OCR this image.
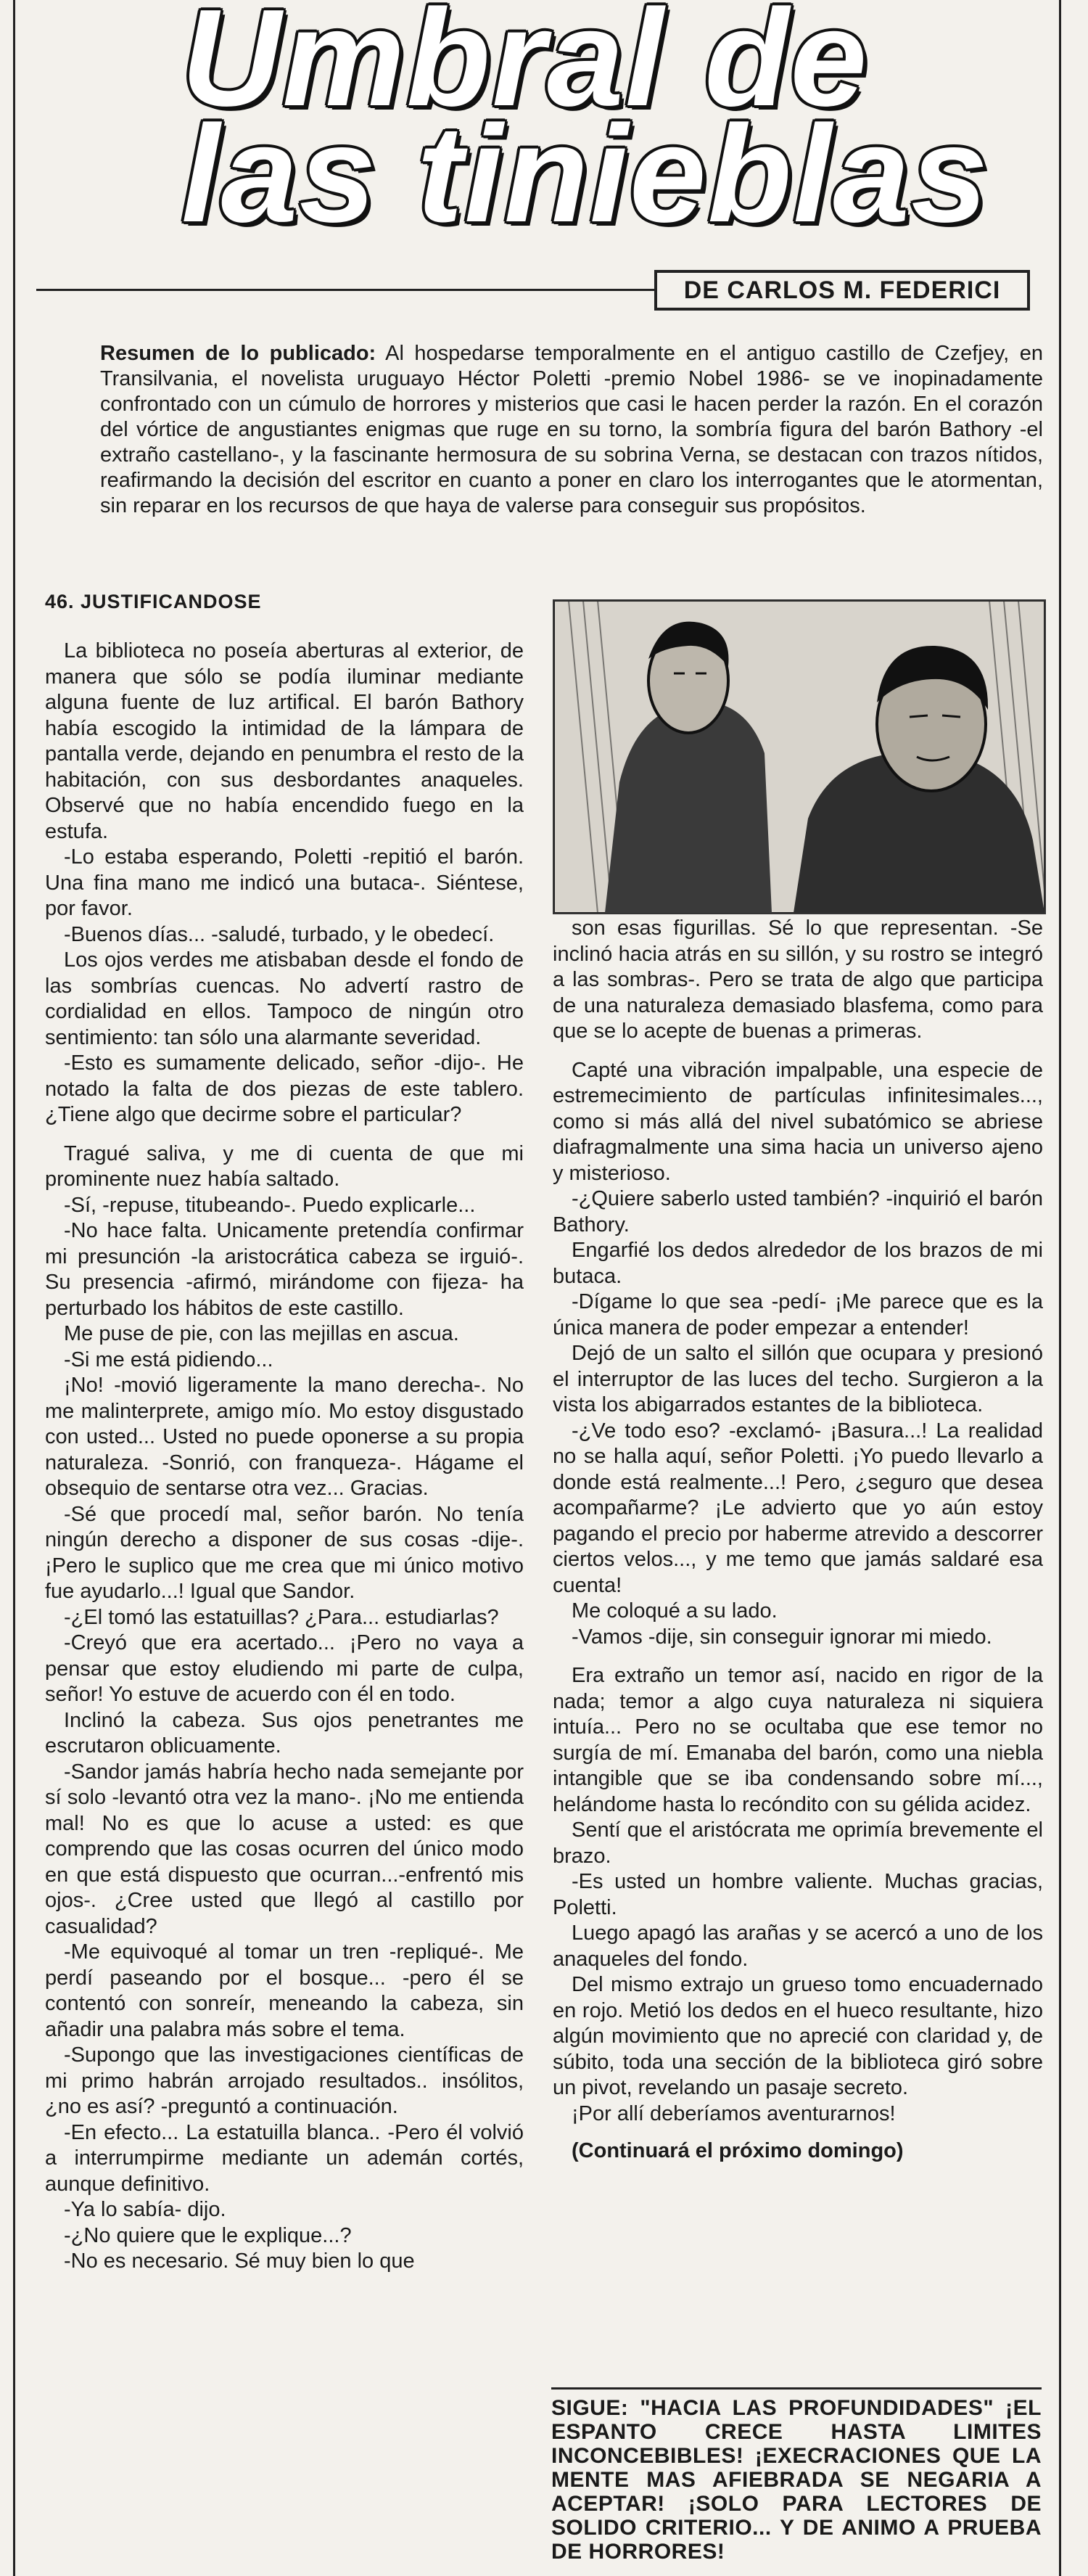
Umbral de
las tinieblas
DE CARLOS M. FEDERICI
Resumen de lo publicado: Al hospedarse temporalmente en el antiguo castillo de Czefjey, en Transilvania, el novelista uruguayo Héctor Poletti -premio Nobel 1986- se ve inopinadamente confrontado con un cúmulo de horrores y misterios que casi le hacen perder la razón. En el corazón del vórtice de angustiantes enigmas que ruge en su torno, la sombría figura del barón Bathory -el extraño castellano-, y la fascinante hermosura de su sobrina Verna, se destacan con trazos nítidos, reafirmando la decisión del escritor en cuanto a poner en claro los interrogantes que le atormentan, sin reparar en los recursos de que haya de valerse para conseguir sus propósitos.
46. JUSTIFICANDOSE

La biblioteca no poseía aberturas al exterior, de manera que sólo se podía iluminar mediante alguna fuente de luz artifical. El barón Bathory había escogido la intimidad de la lámpara de pantalla verde, dejando en penumbra el resto de la habitación, con sus desbordantes anaqueles. Observé que no había encendido fuego en la estufa.

-Lo estaba esperando, Poletti -repitió el barón. Una fina mano me indicó una butaca-. Siéntese, por favor.

-Buenos días... -saludé, turbado, y le obedecí.

Los ojos verdes me atisbaban desde el fondo de las sombrías cuencas. No advertí rastro de cordialidad en ellos. Tampoco de ningún otro sentimiento: tan sólo una alarmante severidad.

-Esto es sumamente delicado, señor -dijo-. He notado la falta de dos piezas de este tablero. ¿Tiene algo que decirme sobre el particular?

Tragué saliva, y me di cuenta de que mi prominente nuez había saltado.

-Sí, -repuse, titubeando-. Puedo explicarle...

-No hace falta. Unicamente pretendía confirmar mi presunción -la aristocrática cabeza se irguió-. Su presencia -afirmó, mirándome con fijeza- ha perturbado los hábitos de este castillo.

Me puse de pie, con las mejillas en ascua.

-Si me está pidiendo...

¡No! -movió ligeramente la mano derecha-. No me malinterprete, amigo mío. Mo estoy disgustado con usted... Usted no puede oponerse a su propia naturaleza. -Sonrió, con franqueza-. Hágame el obsequio de sentarse otra vez... Gracias.

-Sé que procedí mal, señor barón. No tenía ningún derecho a disponer de sus cosas -dije-. ¡Pero le suplico que me crea que mi único motivo fue ayudarlo...! Igual que Sandor.

-¿El tomó las estatuillas? ¿Para... estudiarlas?

-Creyó que era acertado... ¡Pero no vaya a pensar que estoy eludiendo mi parte de culpa, señor! Yo estuve de acuerdo con él en todo.

Inclinó la cabeza. Sus ojos penetrantes me escrutaron oblicuamente.

-Sandor jamás habría hecho nada semejante por sí solo -levantó otra vez la mano-. ¡No me entienda mal! No es que lo acuse a usted: es que comprendo que las cosas ocurren del único modo en que está dispuesto que ocurran...-enfrentó mis ojos-. ¿Cree usted que llegó al castillo por casualidad?

-Me equivoqué al tomar un tren -repliqué-. Me perdí paseando por el bosque... -pero él se contentó con sonreír, meneando la cabeza, sin añadir una palabra más sobre el tema.

-Supongo que las investigaciones científicas de mi primo habrán arrojado resultados.. insólitos, ¿no es así? -preguntó a continuación.

-En efecto... La estatuilla blanca.. -Pero él volvió a interrumpirme mediante un ademán cortés, aunque definitivo.

-Ya lo sabía- dijo.

-¿No quiere que le explique...?

-No es necesario. Sé muy bien lo que

son esas figurillas. Sé lo que representan. -Se inclinó hacia atrás en su sillón, y su rostro se integró a las sombras-. Pero se trata de algo que participa de una naturaleza demasiado blasfema, como para que se lo acepte de buenas a primeras.

Capté una vibración impalpable, una especie de estremecimiento de partículas infinitesimales..., como si más allá del nivel subatómico se abriese diafragmalmente una sima hacia un universo ajeno y misterioso.

-¿Quiere saberlo usted también? -inquirió el barón Bathory.

Engarfié los dedos alrededor de los brazos de mi butaca.

-Dígame lo que sea -pedí- ¡Me parece que es la única manera de poder empezar a entender!

Dejó de un salto el sillón que ocupara y presionó el interruptor de las luces del techo. Surgieron a la vista los abigarrados estantes de la biblioteca.

-¿Ve todo eso? -exclamó- ¡Basura...! La realidad no se halla aquí, señor Poletti. ¡Yo puedo llevarlo a donde está realmente...! Pero, ¿seguro que desea acompañarme? ¡Le advierto que yo aún estoy pagando el precio por haberme atrevido a descorrer ciertos velos..., y me temo que jamás saldaré esa cuenta!

Me coloqué a su lado.

-Vamos -dije, sin conseguir ignorar mi miedo.

Era extraño un temor así, nacido en rigor de la nada; temor a algo cuya naturaleza ni siquiera intuía... Pero no se ocultaba que ese temor no surgía de mí. Emanaba del barón, como una niebla intangible que se iba condensando sobre mí..., helándome hasta lo recóndito con su gélida acidez.

Sentí que el aristócrata me oprimía brevemente el brazo.

-Es usted un hombre valiente. Muchas gracias, Poletti.

Luego apagó las arañas y se acercó a uno de los anaqueles del fondo.

Del mismo extrajo un grueso tomo encuadernado en rojo. Metió los dedos en el hueco resultante, hizo algún movimiento que no aprecié con claridad y, de súbito, toda una sección de la biblioteca giró sobre un pivot, revelando un pasaje secreto.

¡Por allí deberíamos aventurarnos!

(Continuará el próximo domingo)

SIGUE: "HACIA LAS PROFUNDIDADES" ¡EL ESPANTO CRECE HASTA LIMITES INCONCEBIBLES! ¡EXECRACIONES QUE LA MENTE MAS AFIEBRADA SE NEGARIA A ACEPTAR! ¡SOLO PARA LECTORES DE SOLIDO CRITERIO... Y DE ANIMO A PRUEBA DE HORRORES!
